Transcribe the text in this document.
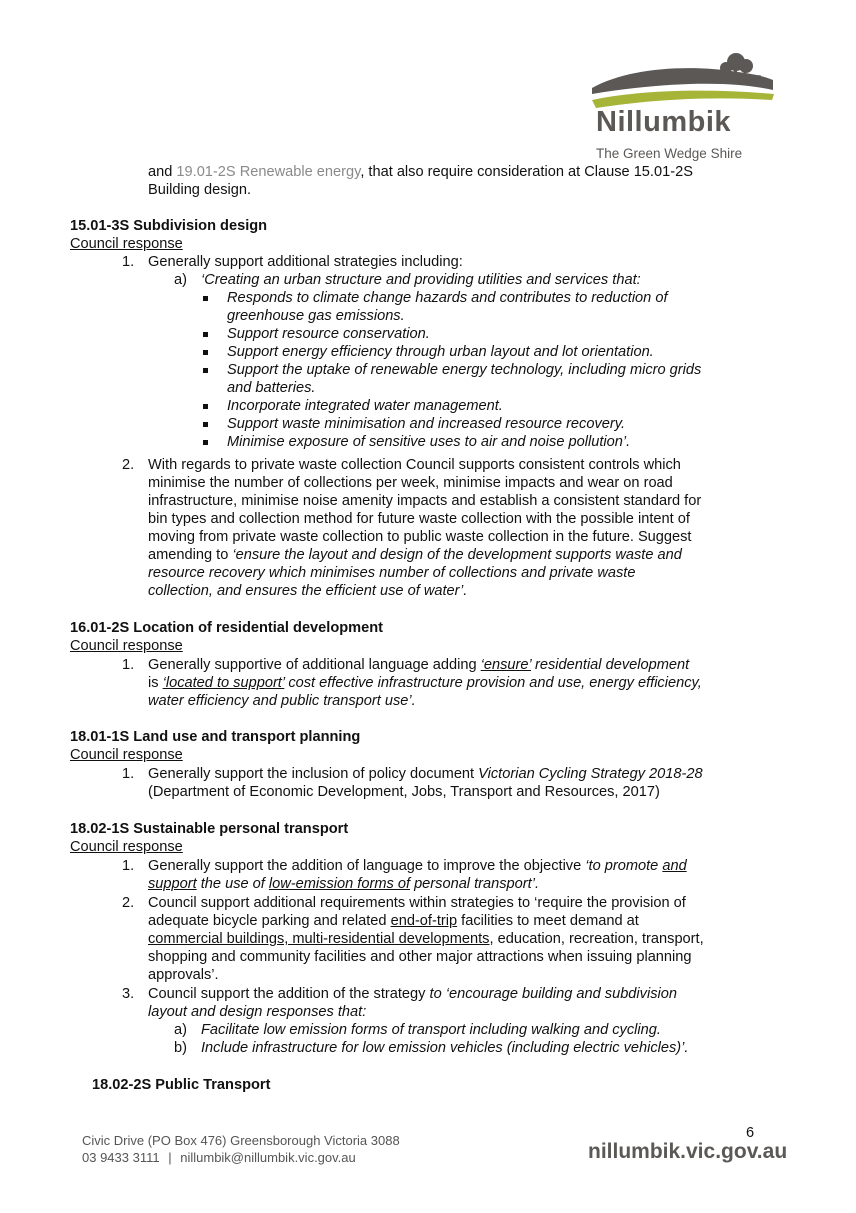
Nillumbik
The Green Wedge Shire
and 19.01-2S Renewable energy, that also require consideration at Clause 15.01-2S
Building design.
15.01-3S Subdivision design
Council response
1. Generally support additional strategies including:
a) ‘Creating an urban structure and providing utilities and services that:
Responds to climate change hazards and contributes to reduction of
greenhouse gas emissions.
Support resource conservation.
Support energy efficiency through urban layout and lot orientation.
Support the uptake of renewable energy technology, including micro grids
and batteries.
Incorporate integrated water management.
Support waste minimisation and increased resource recovery.
Minimise exposure of sensitive uses to air and noise pollution’.
2. With regards to private waste collection Council supports consistent controls which
minimise the number of collections per week, minimise impacts and wear on road
infrastructure, minimise noise amenity impacts and establish a consistent standard for
bin types and collection method for future waste collection with the possible intent of
moving from private waste collection to public waste collection in the future. Suggest
amending to ‘ensure the layout and design of the development supports waste and
resource recovery which minimises number of collections and private waste
collection, and ensures the efficient use of water’.
16.01-2S Location of residential development
Council response
1. Generally supportive of additional language adding ‘ensure’ residential development
is ‘located to support’ cost effective infrastructure provision and use, energy efficiency,
water efficiency and public transport use’.
18.01-1S Land use and transport planning
Council response
1. Generally support the inclusion of policy document Victorian Cycling Strategy 2018-28
(Department of Economic Development, Jobs, Transport and Resources, 2017)
18.02-1S Sustainable personal transport
Council response
1. Generally support the addition of language to improve the objective ‘to promote and
support the use of low-emission forms of personal transport’.
2. Council support additional requirements within strategies to ‘require the provision of
adequate bicycle parking and related end-of-trip facilities to meet demand at
commercial buildings, multi-residential developments, education, recreation, transport,
shopping and community facilities and other major attractions when issuing planning
approvals’.
3. Council support the addition of the strategy to ‘encourage building and subdivision
layout and design responses that:
a) Facilitate low emission forms of transport including walking and cycling.
b) Include infrastructure for low emission vehicles (including electric vehicles)’.
18.02-2S Public Transport
6
Civic Drive (PO Box 476) Greensborough Victoria 3088
03 9433 3111 | nillumbik@nillumbik.vic.gov.au	nillumbik.vic.gov.au
